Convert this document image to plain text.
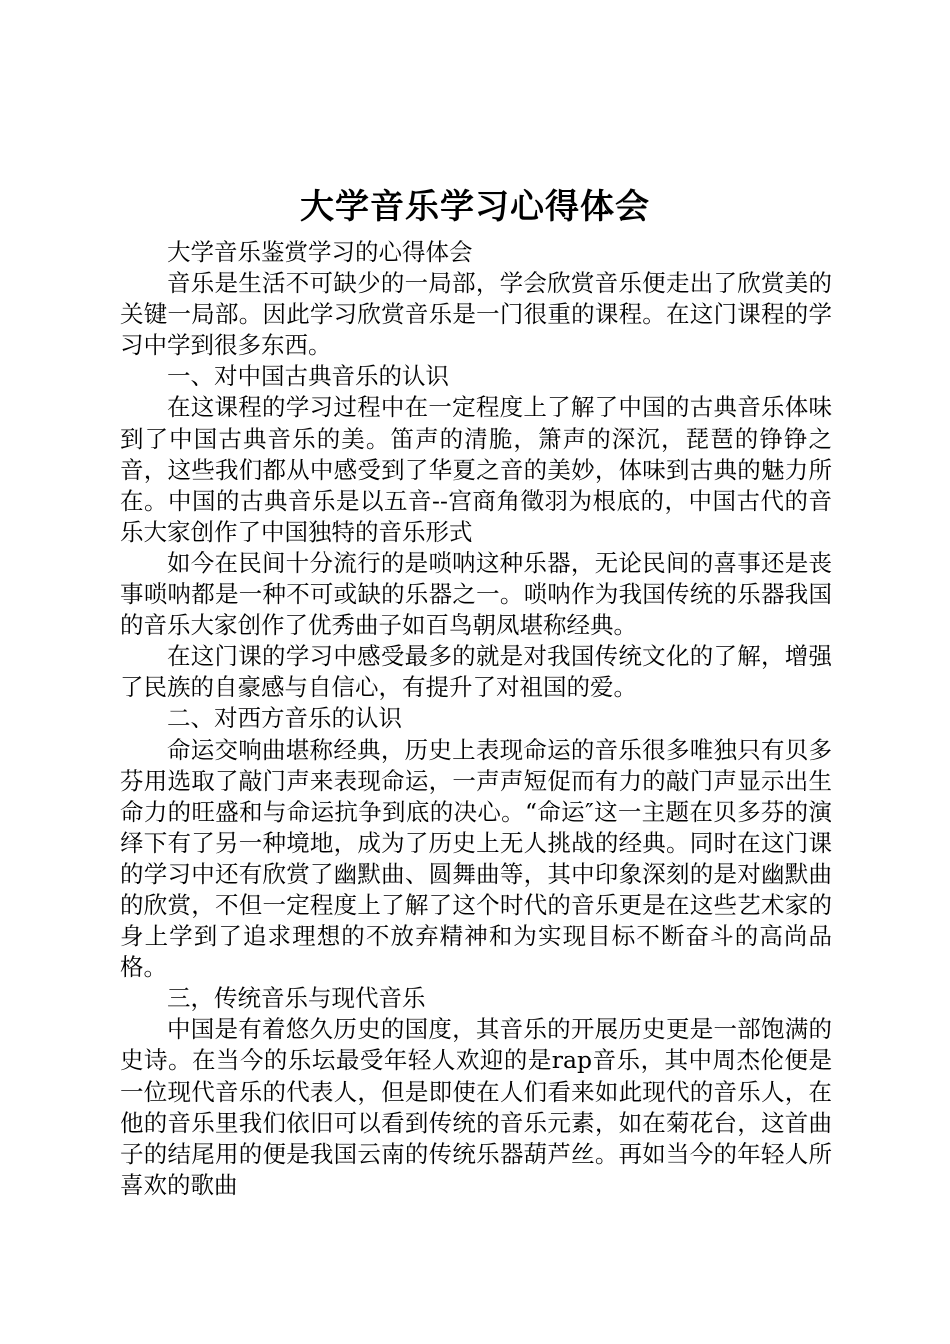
大学音乐学习心得体会

大学音乐鉴赏学习的心得体会

音乐是生活不可缺少的一局部，学会欣赏音乐便走出了欣赏美的关键一局部。因此学习欣赏音乐是一门很重的课程。在这门课程的学习中学到很多东西。

一、对中国古典音乐的认识

在这课程的学习过程中在一定程度上了解了中国的古典音乐体味到了中国古典音乐的美。笛声的清脆，箫声的深沉，琵琶的铮铮之音，这些我们都从中感受到了华夏之音的美妙，体味到古典的魅力所在。中国的古典音乐是以五音--宫商角徵羽为根底的，中国古代的音乐大家创作了中国独特的音乐形式

如今在民间十分流行的是唢呐这种乐器，无论民间的喜事还是丧事唢呐都是一种不可或缺的乐器之一。唢呐作为我国传统的乐器我国的音乐大家创作了优秀曲子如百鸟朝凤堪称经典。

在这门课的学习中感受最多的就是对我国传统文化的了解，增强了民族的自豪感与自信心，有提升了对祖国的爱。

二、对西方音乐的认识

命运交响曲堪称经典，历史上表现命运的音乐很多唯独只有贝多芬用选取了敲门声来表现命运，一声声短促而有力的敲门声显示出生命力的旺盛和与命运抗争到底的决心。“命运″这一主题在贝多芬的演绎下有了另一种境地，成为了历史上无人挑战的经典。同时在这门课的学习中还有欣赏了幽默曲、圆舞曲等，其中印象深刻的是对幽默曲的欣赏，不但一定程度上了解了这个时代的音乐更是在这些艺术家的身上学到了追求理想的不放弃精神和为实现目标不断奋斗的高尚品格。

三，传统音乐与现代音乐

中国是有着悠久历史的国度，其音乐的开展历史更是一部饱满的史诗。在当今的乐坛最受年轻人欢迎的是rap音乐，其中周杰伦便是一位现代音乐的代表人，但是即使在人们看来如此现代的音乐人，在他的音乐里我们依旧可以看到传统的音乐元素，如在菊花台，这首曲子的结尾用的便是我国云南的传统乐器葫芦丝。再如当今的年轻人所喜欢的歌曲
